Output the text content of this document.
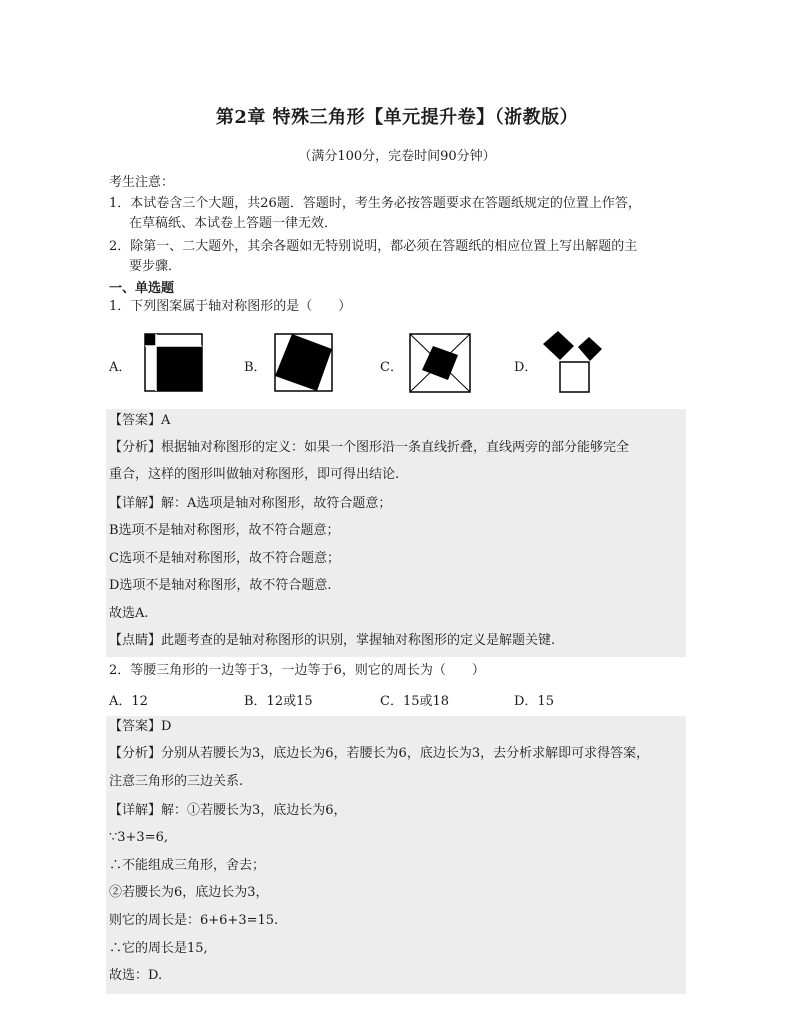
第2章 特殊三角形【单元提升卷】（浙教版）
（满分100分，完卷时间90分钟）
考生注意：
1．本试卷含三个大题，共26题．答题时，考生务必按答题要求在答题纸规定的位置上作答，
在草稿纸、本试卷上答题一律无效．
2．除第一、二大题外，其余各题如无特别说明，都必须在答题纸的相应位置上写出解题的主
要步骤．
一、单选题
1．下列图案属于轴对称图形的是（　　）
A．	B．	C．	D．
【答案】A
【分析】根据轴对称图形的定义：如果一个图形沿一条直线折叠，直线两旁的部分能够完全
重合，这样的图形叫做轴对称图形，即可得出结论.
【详解】解：A选项是轴对称图形，故符合题意；
B选项不是轴对称图形，故不符合题意；
C选项不是轴对称图形，故不符合题意；
D选项不是轴对称图形，故不符合题意.
故选A.
【点睛】此题考查的是轴对称图形的识别，掌握轴对称图形的定义是解题关键.
2．等腰三角形的一边等于3，一边等于6，则它的周长为（　　）
A．12	B．12或15	C．15或18	D．15
【答案】D
【分析】分别从若腰长为3，底边长为6，若腰长为6，底边长为3，去分析求解即可求得答案，
注意三角形的三边关系.
【详解】解：①若腰长为3，底边长为6，
∵3+3=6,
∴不能组成三角形，舍去；
②若腰长为6，底边长为3，
则它的周长是：6+6+3=15.
∴它的周长是15,
故选：D.
